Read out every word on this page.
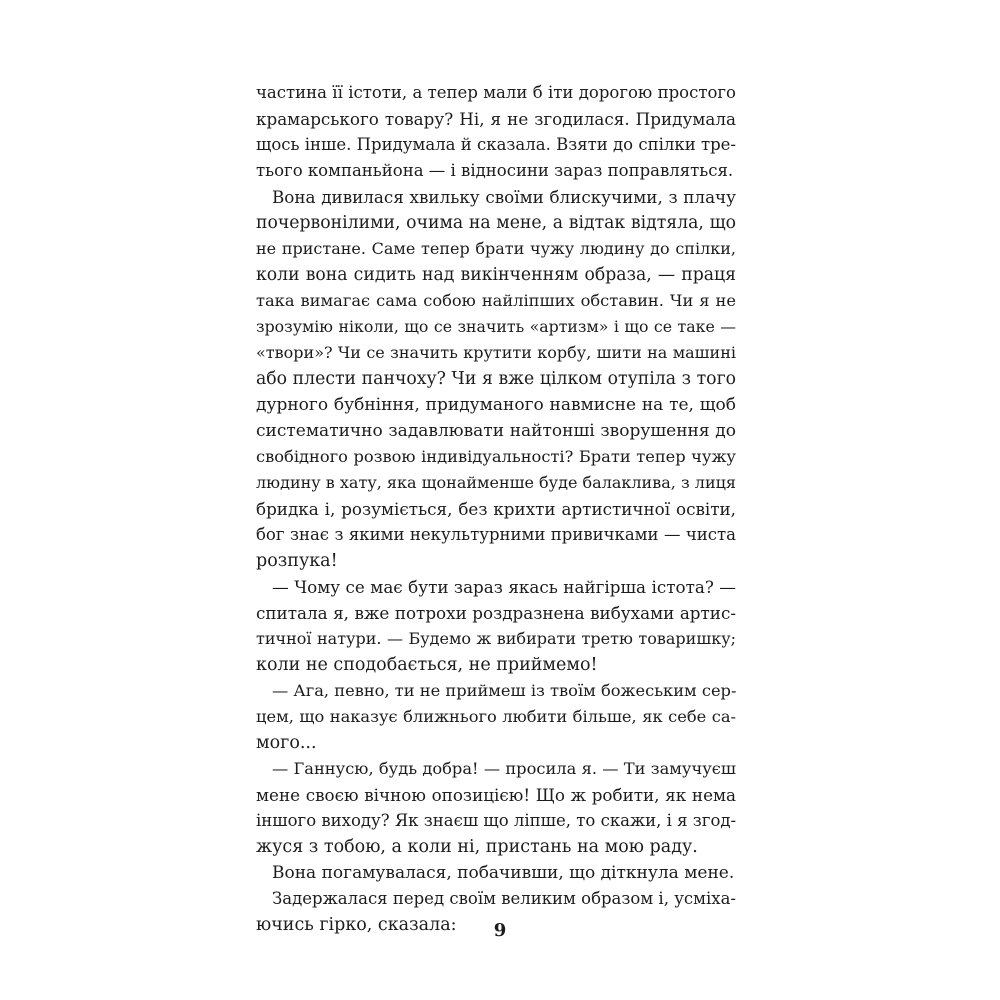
частина її істоти, а тепер мали б іти дорогою простого
крамарського товару? Ні, я не згодилася. Придумала
щось інше. Придумала й сказала. Взяти до спілки тре-
тього компаньйона — і відносини зараз поправляться.
Вона дивилася хвильку своїми блискучими, з плачу
почервонілими, очима на мене, а відтак відтяла, що
не пристане. Саме тепер брати чужу людину до спілки,
коли вона сидить над викінченням образа, — праця
така вимагає сама собою найліпших обставин. Чи я не
зрозумію ніколи, що се значить «артизм» і що се таке —
«твори»? Чи се значить крутити корбу, шити на машині
або плести панчоху? Чи я вже цілком отупіла з того
дурного бубніння, придуманого навмисне на те, щоб
систематично задавлювати найтонші зворушення до
свобідного розвою індивідуальності? Брати тепер чужу
людину в хату, яка щонайменше буде балаклива, з лиця
бридка і, розуміється, без крихти артистичної освіти,
бог знає з якими некультурними привичками — чиста
розпука!
— Чому се має бути зараз якась найгірша істота? —
спитала я, вже потрохи роздразнена вибухами артис-
тичної натури. — Будемо ж вибирати третю товаришку;
коли не сподобається, не приймемо!
— Ага, певно, ти не приймеш із твоїм божеським сер-
цем, що наказує ближнього любити більше, як себе са-
мого...
— Ганнусю, будь добра! — просила я. — Ти замучуєш
мене своєю вічною опозицією! Що ж робити, як нема
іншого виходу? Як знаєш що ліпше, то скажи, і я згод-
жуся з тобою, а коли ні, пристань на мою раду.
Вона погамувалася, побачивши, що діткнула мене.
Задержалася перед своїм великим образом і, усміха-
ючись гірко, сказала:	9
